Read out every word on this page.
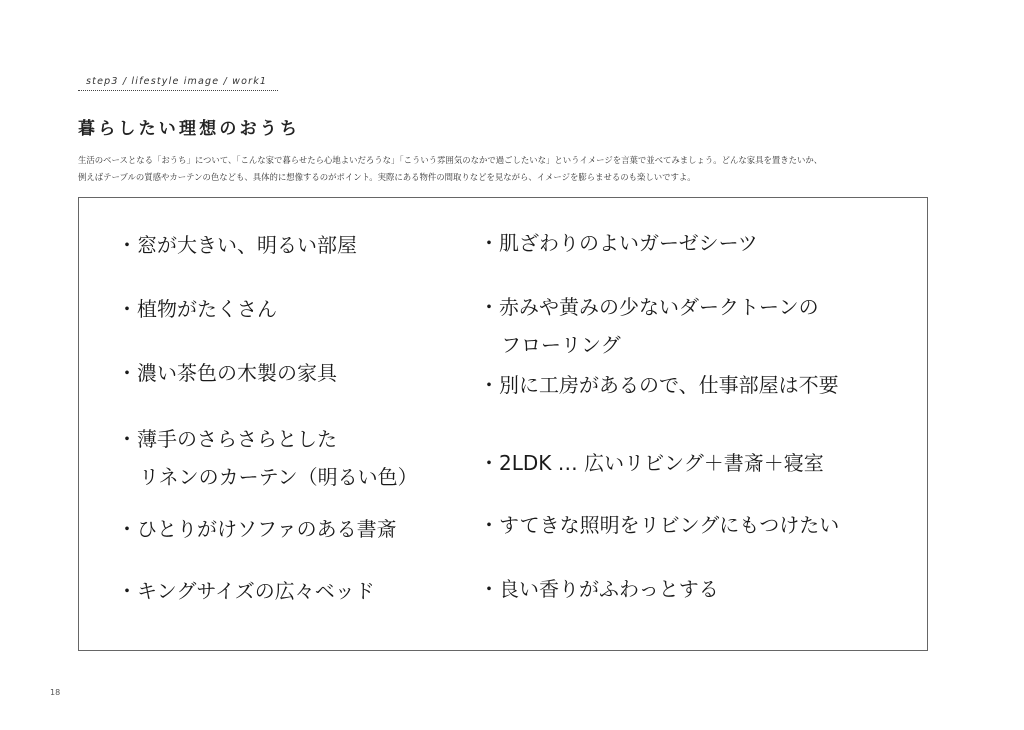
step3 / lifestyle image / work1
暮らしたい理想のおうち
生活のベースとなる「おうち」について、「こんな家で暮らせたら心地よいだろうな」「こういう雰囲気のなかで過ごしたいな」というイメージを言葉で並べてみましょう。どんな家具を置きたいか、
例えばテーブルの質感やカーテンの色なども、具体的に想像するのがポイント。実際にある物件の間取りなどを見ながら、イメージを膨らませるのも楽しいですよ。
・窓が大きい、明るい部屋
・植物がたくさん
・濃い茶色の木製の家具
・薄手のさらさらとした
リネンのカーテン（明るい色）
・ひとりがけソファのある書斎
・キングサイズの広々ベッド
・肌ざわりのよいガーゼシーツ
・赤みや黄みの少ないダークトーンの
フローリング
・別に工房があるので、仕事部屋は不要
・2LDK … 広いリビング＋書斎＋寝室
・すてきな照明をリビングにもつけたい
・良い香りがふわっとする
18
